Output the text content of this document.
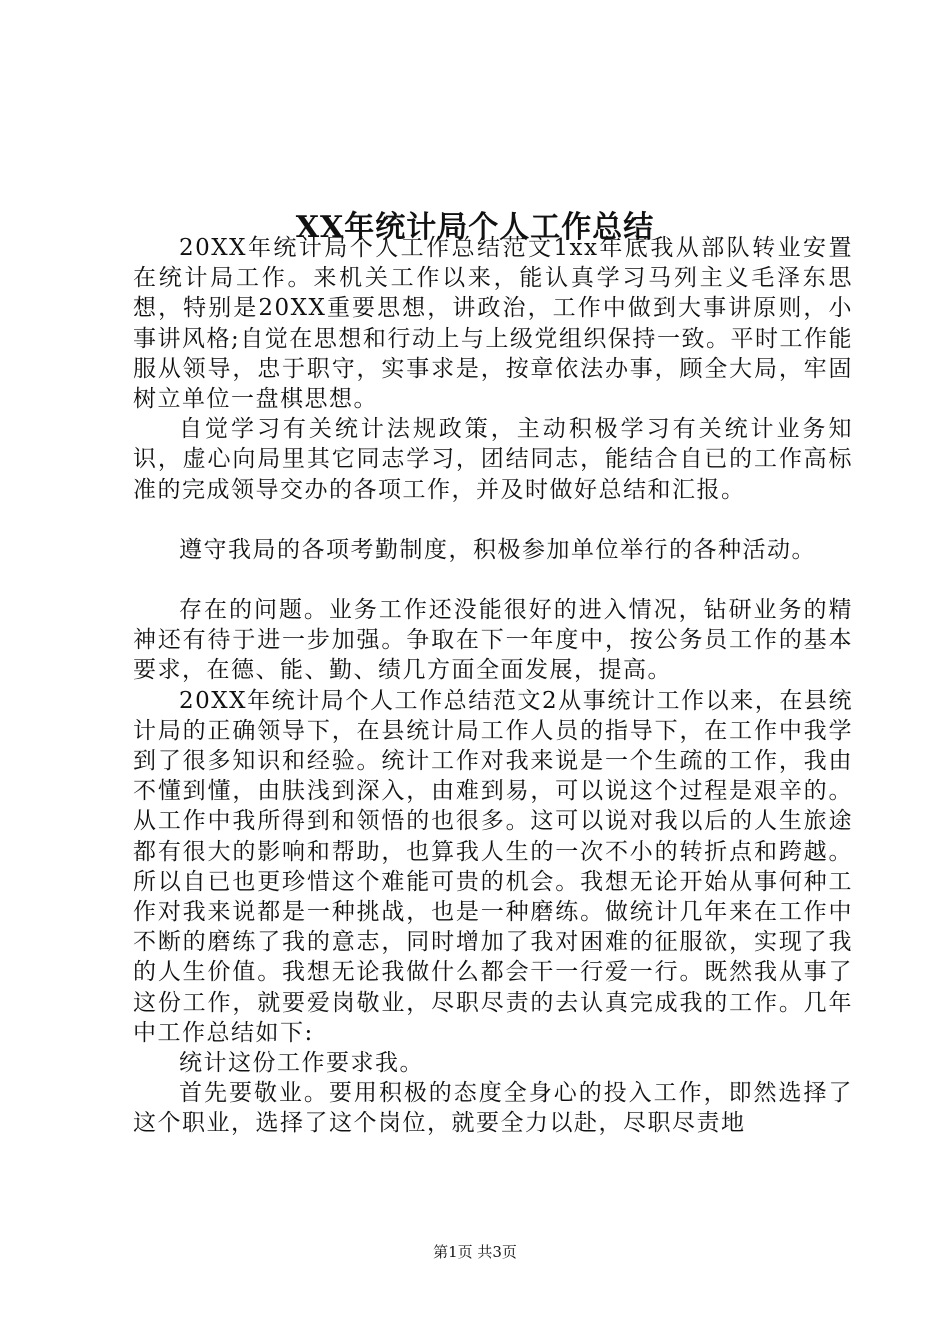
XX年统计局个人工作总结

20XX年统计局个人工作总结范文1xx年底我从部队转业安置在统计局工作。来机关工作以来，能认真学习马列主义毛泽东思想，特别是20XX重要思想，讲政治，工作中做到大事讲原则，小事讲风格;自觉在思想和行动上与上级党组织保持一致。平时工作能服从领导，忠于职守，实事求是，按章依法办事，顾全大局，牢固树立单位一盘棋思想。

自觉学习有关统计法规政策，主动积极学习有关统计业务知识，虚心向局里其它同志学习，团结同志，能结合自已的工作高标准的完成领导交办的各项工作，并及时做好总结和汇报。

遵守我局的各项考勤制度，积极参加单位举行的各种活动。

存在的问题。业务工作还没能很好的进入情况，钻研业务的精神还有待于进一步加强。争取在下一年度中，按公务员工作的基本要求，在德、能、勤、绩几方面全面发展，提高。

20XX年统计局个人工作总结范文2从事统计工作以来，在县统计局的正确领导下，在县统计局工作人员的指导下，在工作中我学到了很多知识和经验。统计工作对我来说是一个生疏的工作，我由不懂到懂，由肤浅到深入，由难到易，可以说这个过程是艰辛的。从工作中我所得到和领悟的也很多。这可以说对我以后的人生旅途都有很大的影响和帮助，也算我人生的一次不小的转折点和跨越。所以自已也更珍惜这个难能可贵的机会。我想无论开始从事何种工作对我来说都是一种挑战，也是一种磨练。做统计几年来在工作中不断的磨练了我的意志，同时增加了我对困难的征服欲，实现了我的人生价值。我想无论我做什么都会干一行爱一行。既然我从事了这份工作，就要爱岗敬业，尽职尽责的去认真完成我的工作。几年中工作总结如下:

统计这份工作要求我。

首先要敬业。要用积极的态度全身心的投入工作，即然选择了这个职业，选择了这个岗位，就要全力以赴，尽职尽责地

第1页 共3页
